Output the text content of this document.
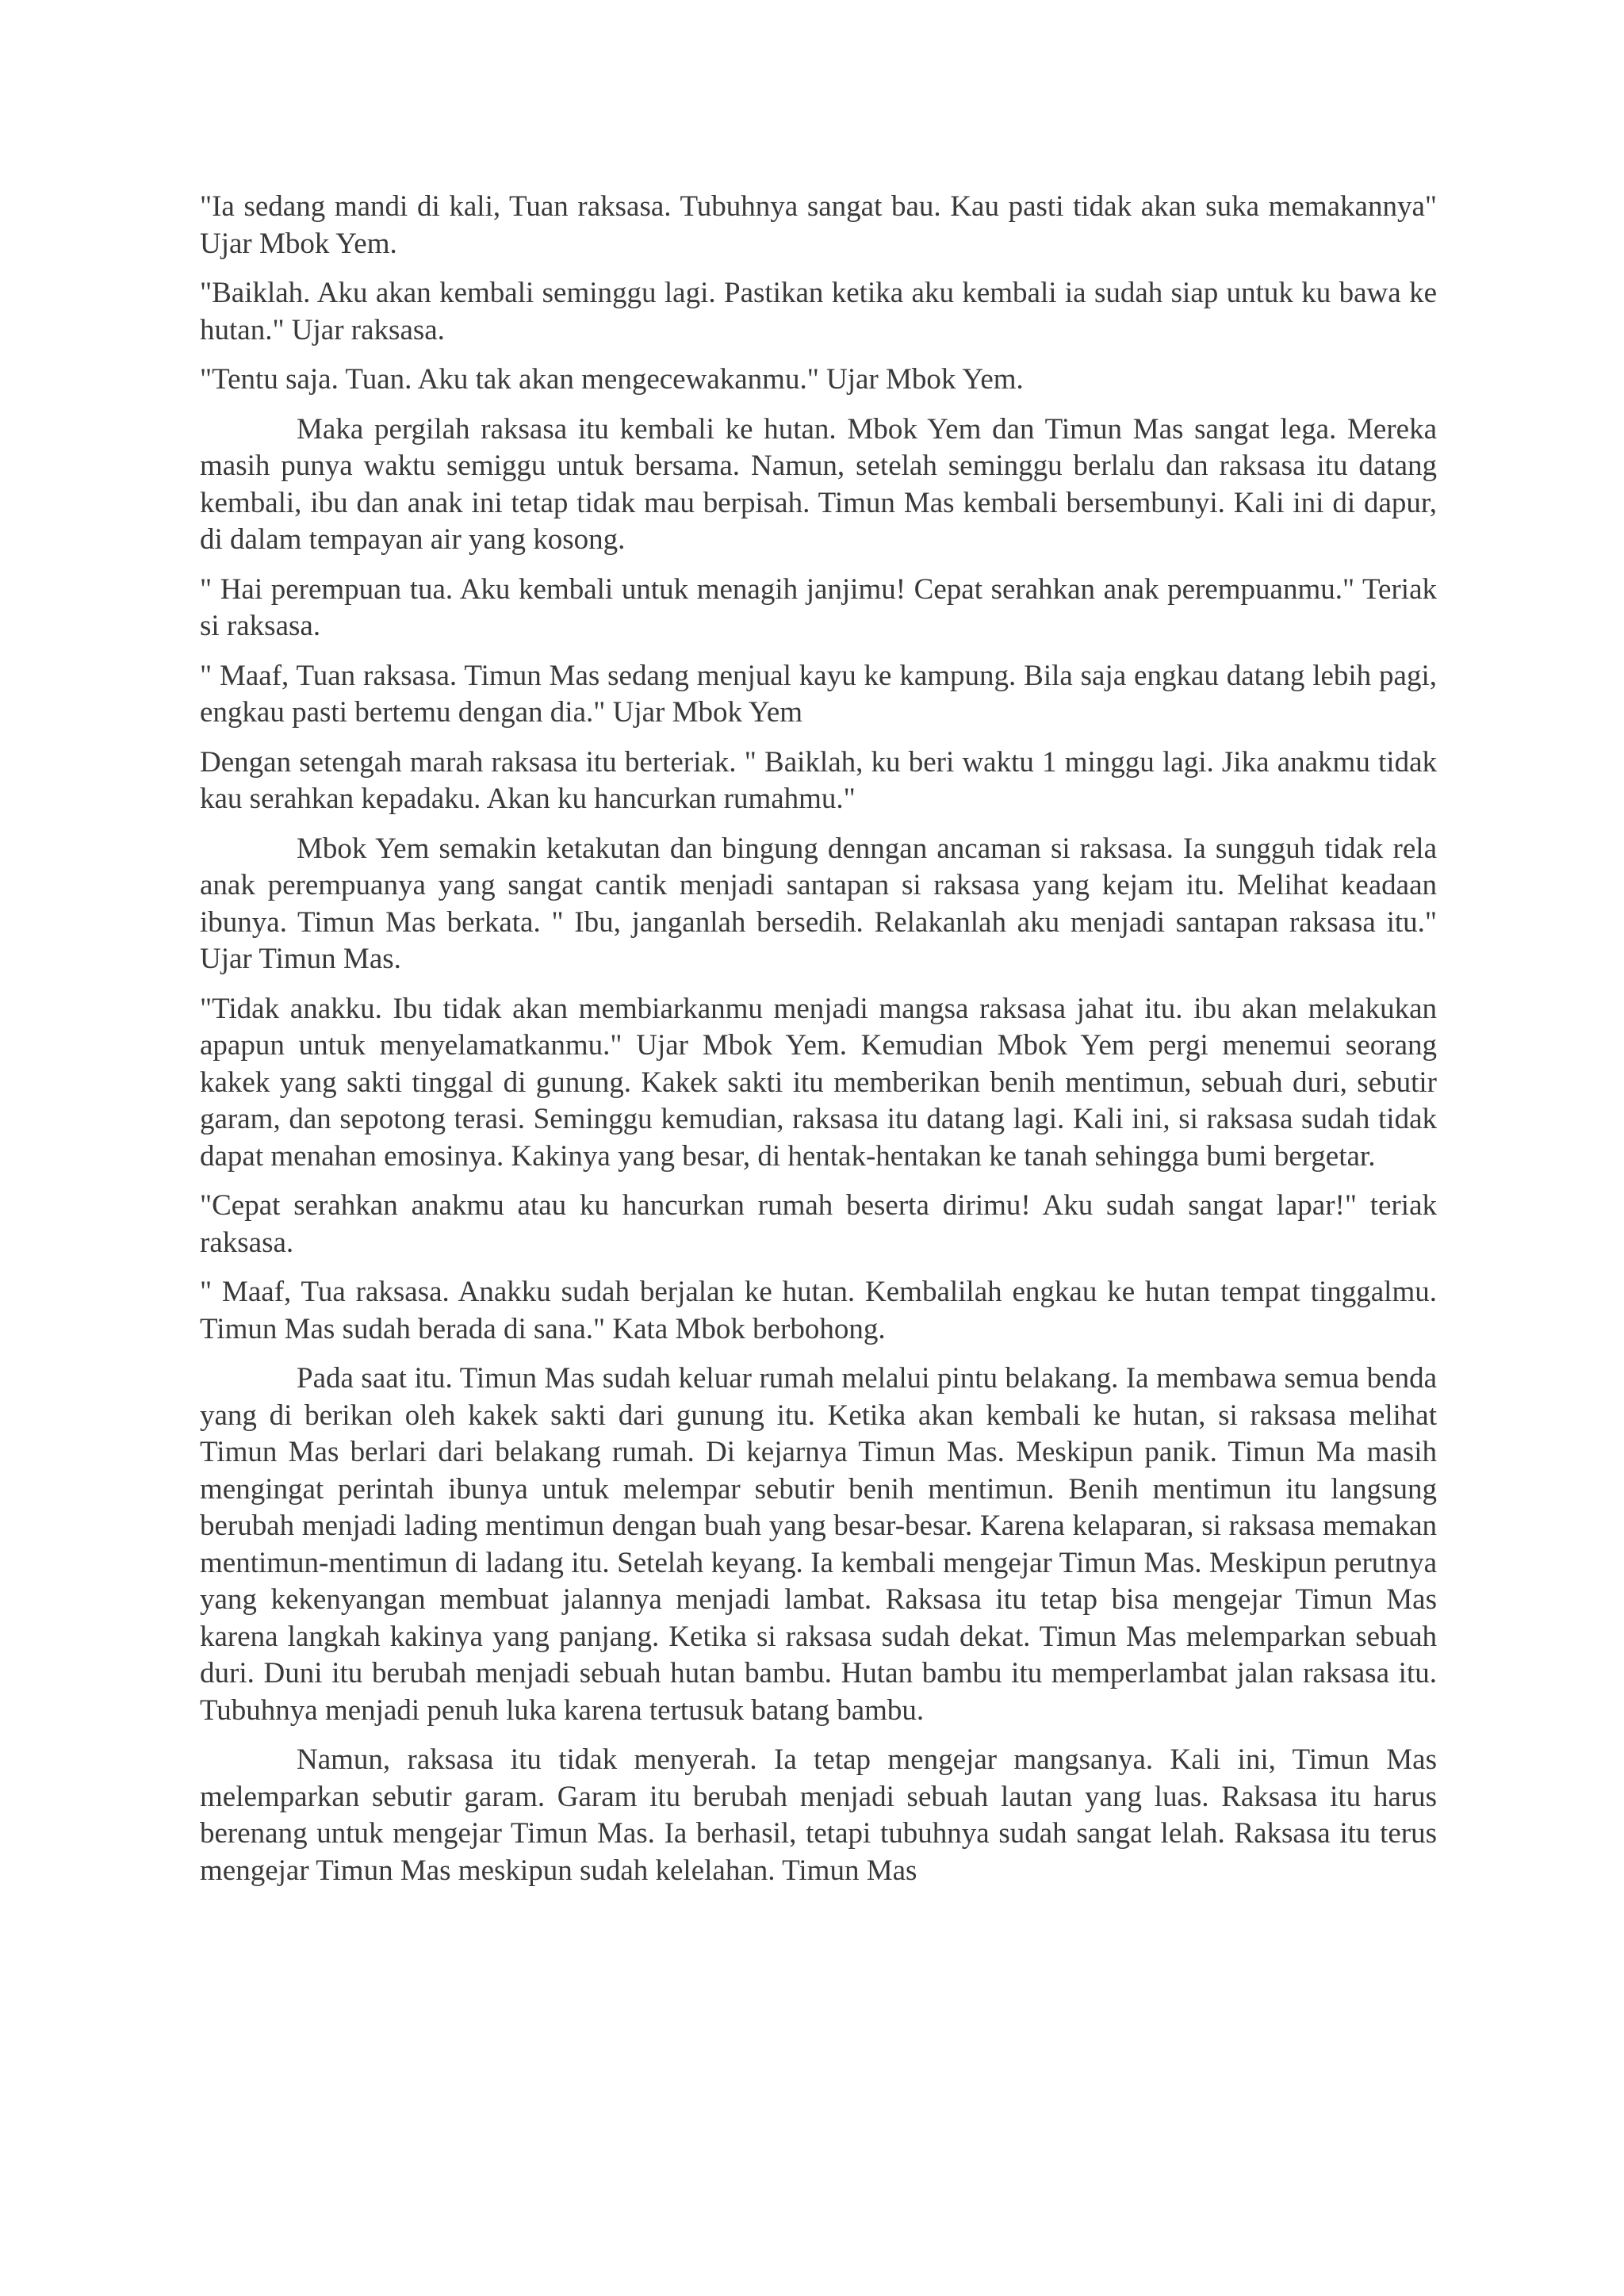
"Ia sedang mandi di kali, Tuan raksasa. Tubuhnya sangat bau. Kau pasti tidak akan suka memakannya" Ujar Mbok Yem.

"Baiklah. Aku akan kembali seminggu lagi. Pastikan ketika aku kembali ia sudah siap untuk ku bawa ke hutan." Ujar raksasa.

"Tentu saja. Tuan. Aku tak akan mengecewakanmu." Ujar Mbok Yem.

Maka pergilah raksasa itu kembali ke hutan. Mbok Yem dan Timun Mas sangat lega. Mereka masih punya waktu semiggu untuk bersama. Namun, setelah seminggu berlalu dan raksasa itu datang kembali, ibu dan anak ini tetap tidak mau berpisah. Timun Mas kembali bersembunyi. Kali ini di dapur, di dalam tempayan air yang kosong.

" Hai perempuan tua. Aku kembali untuk menagih janjimu! Cepat serahkan anak perempuanmu." Teriak si raksasa.

" Maaf, Tuan raksasa. Timun Mas sedang menjual kayu ke kampung. Bila saja engkau datang lebih pagi, engkau pasti bertemu dengan dia." Ujar Mbok Yem

Dengan setengah marah raksasa itu berteriak. " Baiklah, ku beri waktu 1 minggu lagi. Jika anakmu tidak kau serahkan kepadaku. Akan ku hancurkan rumahmu."

Mbok Yem semakin ketakutan dan bingung denngan ancaman si raksasa. Ia sungguh tidak rela anak perempuanya yang sangat cantik menjadi santapan si raksasa yang kejam itu. Melihat keadaan ibunya. Timun Mas berkata. " Ibu, janganlah bersedih. Relakanlah aku menjadi santapan raksasa itu." Ujar Timun Mas.

"Tidak anakku. Ibu tidak akan membiarkanmu menjadi mangsa raksasa jahat itu. ibu akan melakukan apapun untuk menyelamatkanmu." Ujar Mbok Yem. Kemudian Mbok Yem pergi menemui seorang kakek yang sakti tinggal di gunung. Kakek sakti itu memberikan benih mentimun, sebuah duri, sebutir garam, dan sepotong terasi. Seminggu kemudian, raksasa itu datang lagi. Kali ini, si raksasa sudah tidak dapat menahan emosinya. Kakinya yang besar, di hentak-hentakan ke tanah sehingga bumi bergetar.

"Cepat serahkan anakmu atau ku hancurkan rumah beserta dirimu! Aku sudah sangat lapar!" teriak raksasa.

" Maaf, Tua raksasa. Anakku sudah berjalan ke hutan. Kembalilah engkau ke hutan tempat tinggalmu. Timun Mas sudah berada di sana." Kata Mbok berbohong.

Pada saat itu. Timun Mas sudah keluar rumah melalui pintu belakang. Ia membawa semua benda yang di berikan oleh kakek sakti dari gunung itu. Ketika akan kembali ke hutan, si raksasa melihat Timun Mas berlari dari belakang rumah. Di kejarnya Timun Mas. Meskipun panik. Timun Ma masih mengingat perintah ibunya untuk melempar sebutir benih mentimun. Benih mentimun itu langsung berubah menjadi lading mentimun dengan buah yang besar-besar. Karena kelaparan, si raksasa memakan mentimun-mentimun di ladang itu. Setelah keyang. Ia kembali mengejar Timun Mas. Meskipun perutnya yang kekenyangan membuat jalannya menjadi lambat. Raksasa itu tetap bisa mengejar Timun Mas karena langkah kakinya yang panjang. Ketika si raksasa sudah dekat. Timun Mas melemparkan sebuah duri. Duni itu berubah menjadi sebuah hutan bambu. Hutan bambu itu memperlambat jalan raksasa itu. Tubuhnya menjadi penuh luka karena tertusuk batang bambu.

Namun, raksasa itu tidak menyerah. Ia tetap mengejar mangsanya. Kali ini, Timun Mas melemparkan sebutir garam. Garam itu berubah menjadi sebuah lautan yang luas. Raksasa itu harus berenang untuk mengejar Timun Mas. Ia berhasil, tetapi tubuhnya sudah sangat lelah. Raksasa itu terus mengejar Timun Mas meskipun sudah kelelahan. Timun Mas
